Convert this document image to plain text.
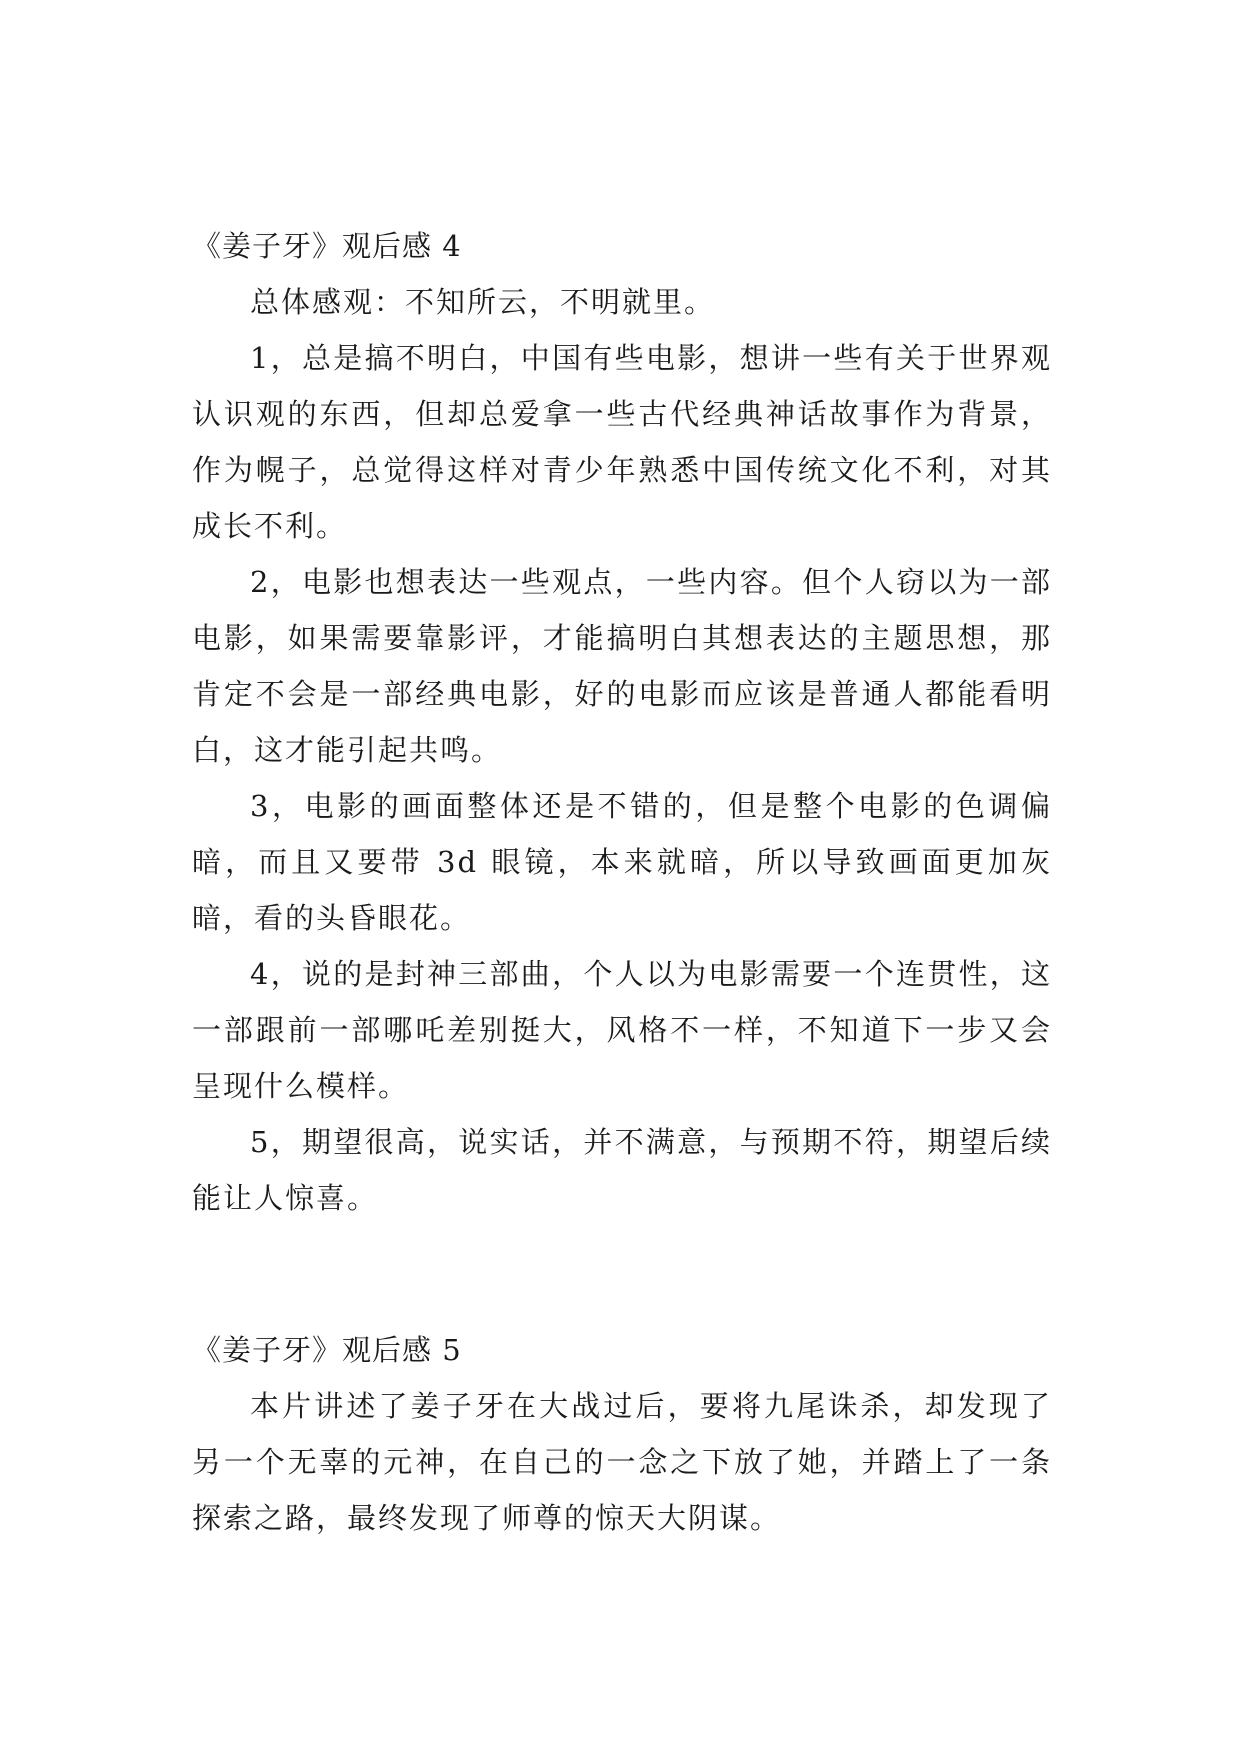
《姜子牙》观后感 4

总体感观：不知所云，不明就里。

1，总是搞不明白，中国有些电影，想讲一些有关于世界观认识观的东西，但却总爱拿一些古代经典神话故事作为背景，作为幌子，总觉得这样对青少年熟悉中国传统文化不利，对其成长不利。

2，电影也想表达一些观点，一些内容。但个人窃以为一部电影，如果需要靠影评，才能搞明白其想表达的主题思想，那肯定不会是一部经典电影，好的电影而应该是普通人都能看明白，这才能引起共鸣。

3，电影的画面整体还是不错的，但是整个电影的色调偏暗，而且又要带 3d 眼镜，本来就暗，所以导致画面更加灰暗，看的头昏眼花。

4，说的是封神三部曲，个人以为电影需要一个连贯性，这一部跟前一部哪吒差别挺大，风格不一样，不知道下一步又会呈现什么模样。

5，期望很高，说实话，并不满意，与预期不符，期望后续能让人惊喜。

《姜子牙》观后感 5

本片讲述了姜子牙在大战过后，要将九尾诛杀，却发现了另一个无辜的元神，在自己的一念之下放了她，并踏上了一条探索之路，最终发现了师尊的惊天大阴谋。
